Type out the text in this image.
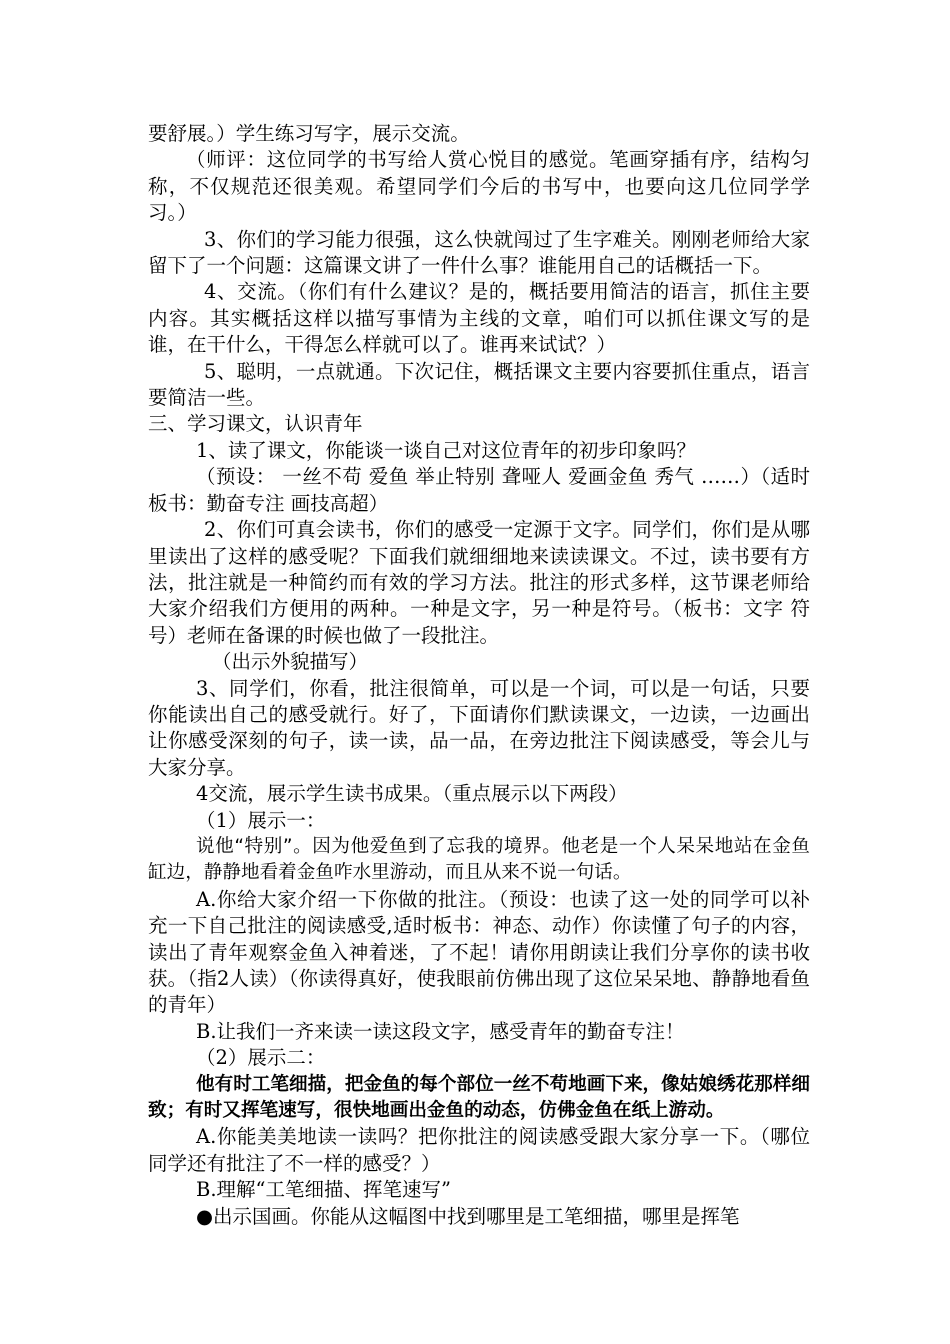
要舒展。）学生练习写字，展示交流。

（师评：这位同学的书写给人赏心悦目的感觉。笔画穿插有序，结构匀称，不仅规范还很美观。希望同学们今后的书写中，也要向这几位同学学习。）

3、你们的学习能力很强，这么快就闯过了生字难关。刚刚老师给大家留下了一个问题：这篇课文讲了一件什么事？谁能用自己的话概括一下。

4、交流。（你们有什么建议？是的，概括要用简洁的语言，抓住主要内容。其实概括这样以描写事情为主线的文章，咱们可以抓住课文写的是谁，在干什么，干得怎么样就可以了。谁再来试试？）

5、聪明，一点就通。下次记住，概括课文主要内容要抓住重点，语言要简洁一些。

三、学习课文，认识青年

1、读了课文，你能谈一谈自己对这位青年的初步印象吗？

（预设： 一丝不苟 爱鱼 举止特别 聋哑人 爱画金鱼 秀气 ……）（适时板书：勤奋专注 画技高超）

2、你们可真会读书，你们的感受一定源于文字。同学们，你们是从哪里读出了这样的感受呢？下面我们就细细地来读读课文。不过，读书要有方法，批注就是一种简约而有效的学习方法。批注的形式多样，这节课老师给大家介绍我们方便用的两种。一种是文字，另一种是符号。（板书：文字 符号）老师在备课的时候也做了一段批注。

（出示外貌描写）

3、同学们，你看，批注很简单，可以是一个词，可以是一句话，只要你能读出自己的感受就行。好了，下面请你们默读课文，一边读，一边画出让你感受深刻的句子，读一读，品一品，在旁边批注下阅读感受，等会儿与大家分享。

4交流，展示学生读书成果。（重点展示以下两段）

（1）展示一：

说他“特别”。因为他爱鱼到了忘我的境界。他老是一个人呆呆地站在金鱼缸边，静静地看着金鱼咋水里游动，而且从来不说一句话。

A.你给大家介绍一下你做的批注。（预设：也读了这一处的同学可以补充一下自己批注的阅读感受,适时板书：神态、动作）你读懂了句子的内容，读出了青年观察金鱼入神着迷，了不起！请你用朗读让我们分享你的读书收获。（指2人读）（你读得真好，使我眼前仿佛出现了这位呆呆地、静静地看鱼的青年）

B.让我们一齐来读一读这段文字，感受青年的勤奋专注！

（2）展示二：

他有时工笔细描，把金鱼的每个部位一丝不苟地画下来，像姑娘绣花那样细致；有时又挥笔速写，很快地画出金鱼的动态，仿佛金鱼在纸上游动。

A.你能美美地读一读吗？把你批注的阅读感受跟大家分享一下。（哪位同学还有批注了不一样的感受？）

B.理解“工笔细描、挥笔速写”

●出示国画。你能从这幅图中找到哪里是工笔细描，哪里是挥笔
